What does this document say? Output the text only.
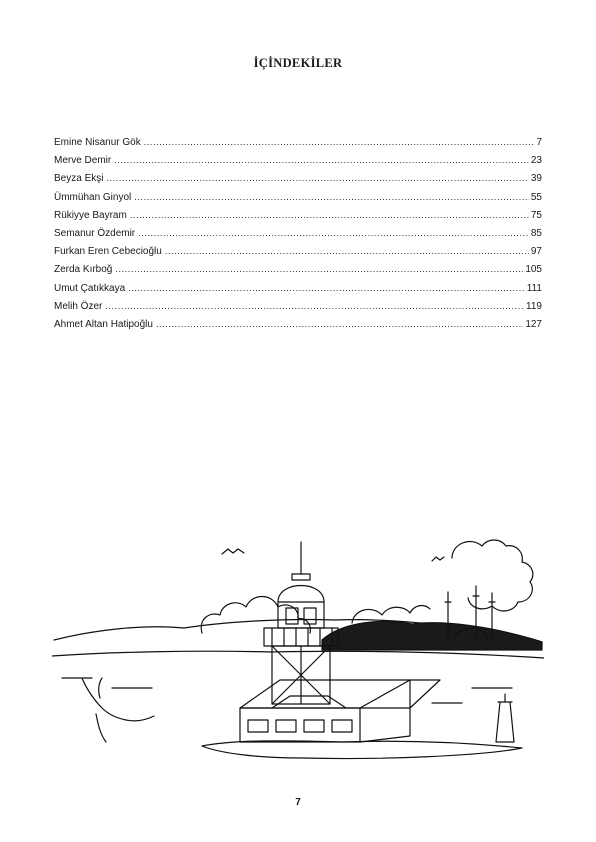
İÇİNDEKİLER
Emine Nisanur Gök .....	7
Merve Demir .....	23
Beyza Ekşi .....	39
Ümmühan Ginyol .....	55
Rükiyye Bayram .....	75
Semanur Özdemir .....	85
Furkan Eren Cebecioğlu .....	97
Zerda Kırboğ .....	105
Umut Çatıkkaya .....	111
Melih Özer .....	119
Ahmet Altan Hatipoğlu .....	127
7
